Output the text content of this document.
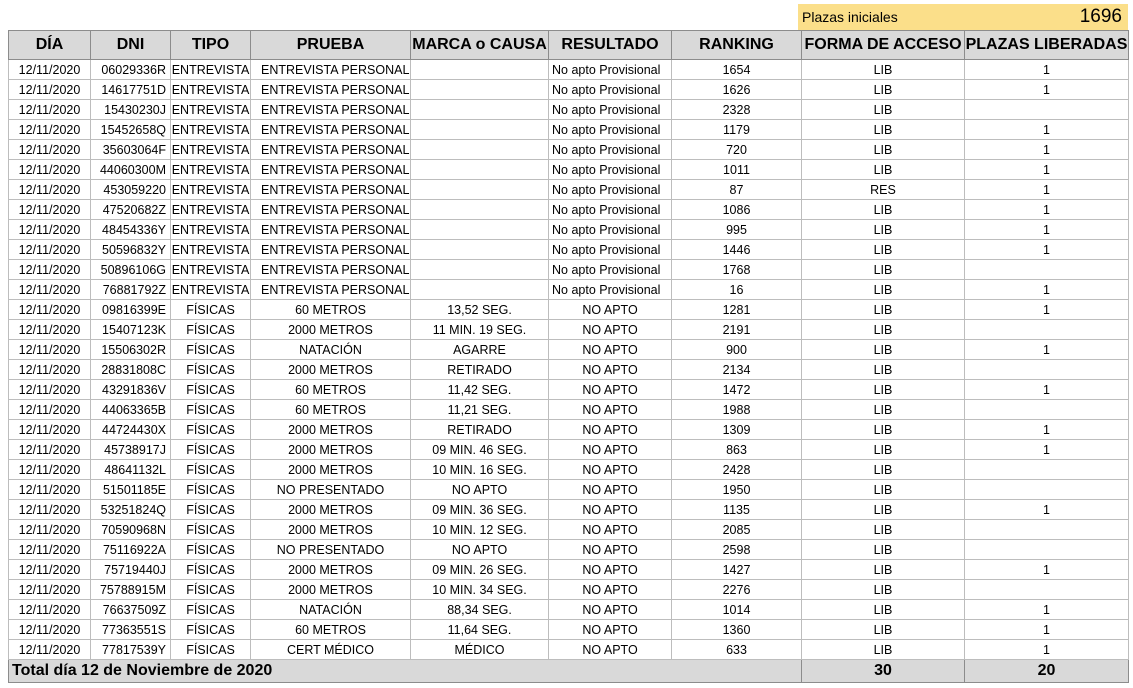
Plazas iniciales	1696
DÍA	DNI	TIPO	PRUEBA	MARCA o CAUSA	RESULTADO	RANKING	FORMA DE ACCESO	PLAZAS LIBERADAS
12/11/2020	06029336R	ENTREVISTA	ENTREVISTA PERSONAL		No apto Provisional	1654	LIB	1
12/11/2020	14617751D	ENTREVISTA	ENTREVISTA PERSONAL		No apto Provisional	1626	LIB	1
12/11/2020	15430230J	ENTREVISTA	ENTREVISTA PERSONAL		No apto Provisional	2328	LIB	
12/11/2020	15452658Q	ENTREVISTA	ENTREVISTA PERSONAL		No apto Provisional	1179	LIB	1
12/11/2020	35603064F	ENTREVISTA	ENTREVISTA PERSONAL		No apto Provisional	720	LIB	1
12/11/2020	44060300M	ENTREVISTA	ENTREVISTA PERSONAL		No apto Provisional	1011	LIB	1
12/11/2020	453059220	ENTREVISTA	ENTREVISTA PERSONAL		No apto Provisional	87	RES	1
12/11/2020	47520682Z	ENTREVISTA	ENTREVISTA PERSONAL		No apto Provisional	1086	LIB	1
12/11/2020	48454336Y	ENTREVISTA	ENTREVISTA PERSONAL		No apto Provisional	995	LIB	1
12/11/2020	50596832Y	ENTREVISTA	ENTREVISTA PERSONAL		No apto Provisional	1446	LIB	1
12/11/2020	50896106G	ENTREVISTA	ENTREVISTA PERSONAL		No apto Provisional	1768	LIB	
12/11/2020	76881792Z	ENTREVISTA	ENTREVISTA PERSONAL		No apto Provisional	16	LIB	1
12/11/2020	09816399E	FÍSICAS	60 METROS	13,52 SEG.	NO APTO	1281	LIB	1
12/11/2020	15407123K	FÍSICAS	2000 METROS	11 MIN. 19 SEG.	NO APTO	2191	LIB	
12/11/2020	15506302R	FÍSICAS	NATACIÓN	AGARRE	NO APTO	900	LIB	1
12/11/2020	28831808C	FÍSICAS	2000 METROS	RETIRADO	NO APTO	2134	LIB	
12/11/2020	43291836V	FÍSICAS	60 METROS	11,42 SEG.	NO APTO	1472	LIB	1
12/11/2020	44063365B	FÍSICAS	60 METROS	11,21 SEG.	NO APTO	1988	LIB	
12/11/2020	44724430X	FÍSICAS	2000 METROS	RETIRADO	NO APTO	1309	LIB	1
12/11/2020	45738917J	FÍSICAS	2000 METROS	09 MIN. 46 SEG.	NO APTO	863	LIB	1
12/11/2020	48641132L	FÍSICAS	2000 METROS	10 MIN. 16 SEG.	NO APTO	2428	LIB	
12/11/2020	51501185E	FÍSICAS	NO PRESENTADO	NO APTO	NO APTO	1950	LIB	
12/11/2020	53251824Q	FÍSICAS	2000 METROS	09 MIN. 36 SEG.	NO APTO	1135	LIB	1
12/11/2020	70590968N	FÍSICAS	2000 METROS	10 MIN. 12 SEG.	NO APTO	2085	LIB	
12/11/2020	75116922A	FÍSICAS	NO PRESENTADO	NO APTO	NO APTO	2598	LIB	
12/11/2020	75719440J	FÍSICAS	2000 METROS	09 MIN. 26 SEG.	NO APTO	1427	LIB	1
12/11/2020	75788915M	FÍSICAS	2000 METROS	10 MIN. 34 SEG.	NO APTO	2276	LIB	
12/11/2020	76637509Z	FÍSICAS	NATACIÓN	88,34 SEG.	NO APTO	1014	LIB	1
12/11/2020	77363551S	FÍSICAS	60 METROS	11,64 SEG.	NO APTO	1360	LIB	1
12/11/2020	77817539Y	FÍSICAS	CERT MÉDICO	MÉDICO	NO APTO	633	LIB	1
Total día 12 de Noviembre de 2020							30	20
